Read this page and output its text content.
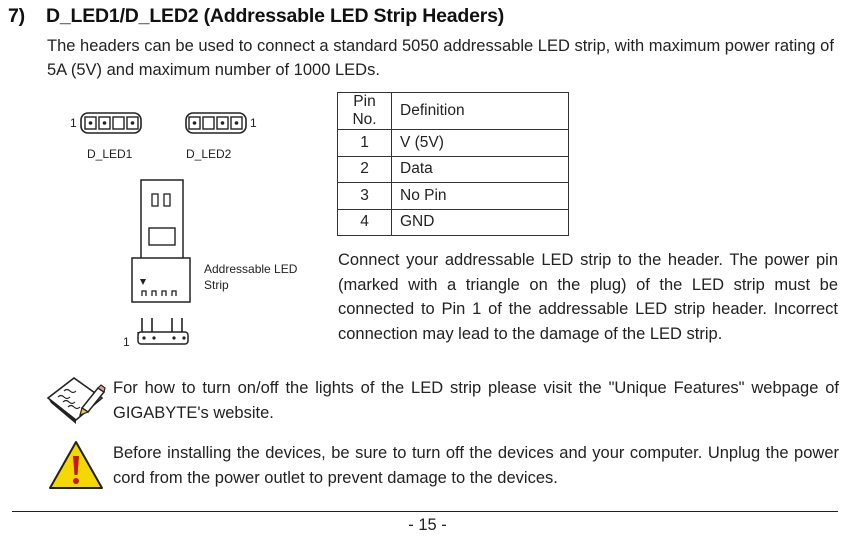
7) D_LED1/D_LED2 (Addressable LED Strip Headers)
The headers can be used to connect a standard 5050 addressable LED strip, with maximum power rating of 5A (5V) and maximum number of 1000 LEDs.
1
D_LED1
1
D_LED2
1
Addressable LED
Strip
Pin No.	Definition
1	V (5V)
2	Data
3	No Pin
4	GND
Connect your addressable LED strip to the header. The power pin (marked with a triangle on the plug) of the LED strip must be connected to Pin 1 of the addressable LED strip header. Incorrect connection may lead to the damage of the LED strip.
For how to turn on/off the lights of the LED strip please visit the "Unique Features" webpage of GIGABYTE's website.
Before installing the devices, be sure to turn off the devices and your computer. Unplug the power cord from the power outlet to prevent damage to the devices.
- 15 -
